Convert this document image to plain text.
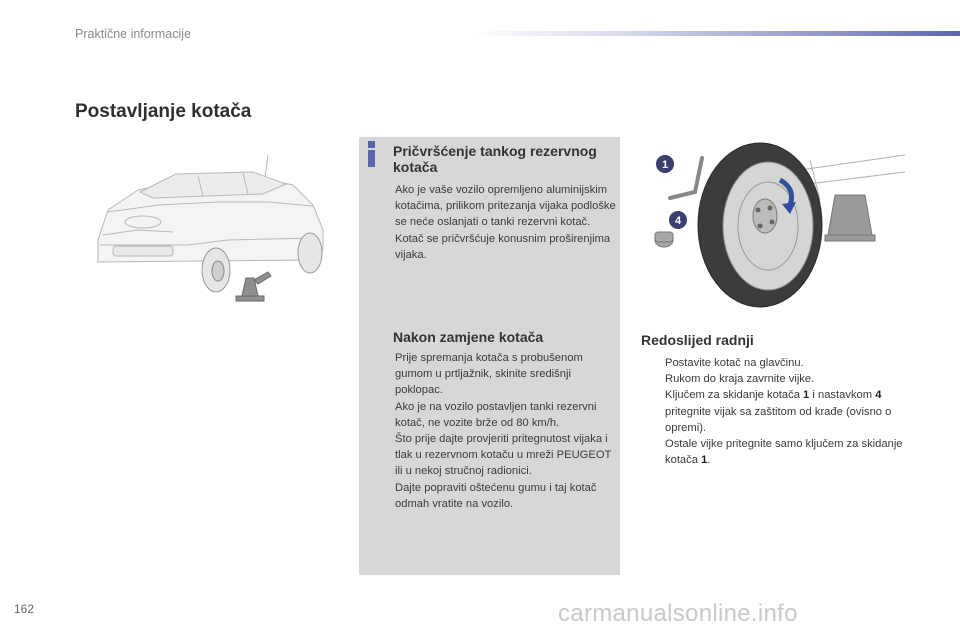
Praktične informacije
Postavljanje kotača
1
4
Pričvršćenje tankog rezervnog kotača
Ako je vaše vozilo opremljeno aluminijskim kotačima, prilikom pritezanja vijaka podloške se neće oslanjati o tanki rezervni kotač. Kotač se pričvršćuje konusnim proširenjima vijaka.
Nakon zamjene kotača
Prije spremanja kotača s probušenom gumom u prtljažnik, skinite središnji poklopac.
Ako je na vozilo postavljen tanki rezervni kotač, ne vozite brže od 80 km/h.
Što prije dajte provjeriti pritegnutost vijaka i tlak u rezervnom kotaču u mreži PEUGEOT ili u nekoj stručnoj radionici.
Dajte popraviti oštećenu gumu i taj kotač odmah vratite na vozilo.
Redoslijed radnji
Postavite kotač na glavčinu.
Rukom do kraja zavrnite vijke.
Ključem za skidanje kotača 1 i nastavkom 4 pritegnite vijak sa zaštitom od krađe (ovisno o opremi).
Ostale vijke pritegnite samo ključem za skidanje kotača 1.
162	carmanualsonline.info
